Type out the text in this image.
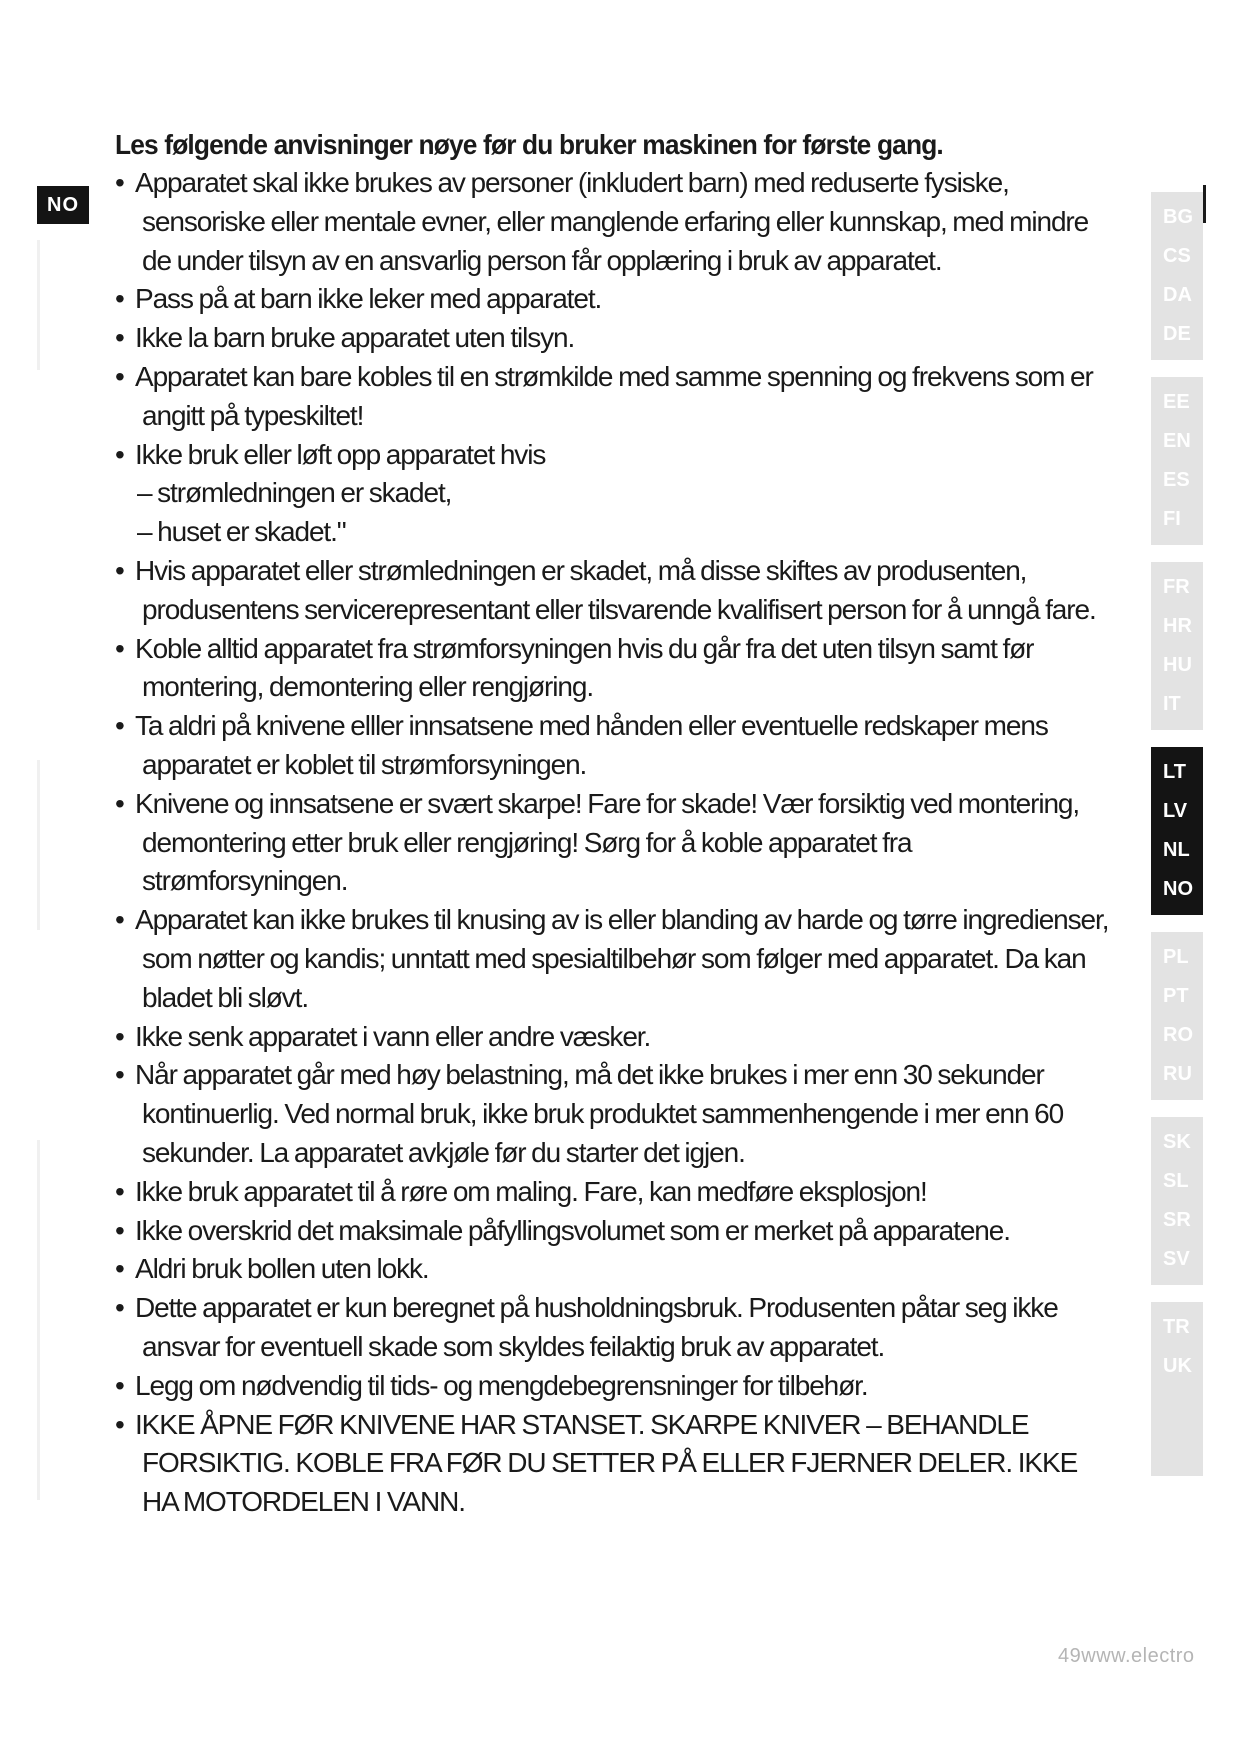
NO
Les følgende anvisninger nøye før du bruker maskinen for første gang.
• Apparatet skal ikke brukes av personer (inkludert barn) med reduserte fysiske, sensoriske eller mentale evner, eller manglende erfaring eller kunnskap, med mindre de under tilsyn av en ansvarlig person får opplæring i bruk av apparatet.
• Pass på at barn ikke leker med apparatet.
• Ikke la barn bruke apparatet uten tilsyn.
• Apparatet kan bare kobles til en strømkilde med samme spenning og frekvens som er angitt på typeskiltet!
• Ikke bruk eller løft opp apparatet hvis
– strømledningen er skadet,
– huset er skadet."
• Hvis apparatet eller strømledningen er skadet, må disse skiftes av produsenten, produsentens servicerepresentant eller tilsvarende kvalifisert person for å unngå fare.
• Koble alltid apparatet fra strømforsyningen hvis du går fra det uten tilsyn samt før montering, demontering eller rengjøring.
• Ta aldri på knivene elller innsatsene med hånden eller eventuelle redskaper mens apparatet er koblet til strømforsyningen.
• Knivene og innsatsene er svært skarpe! Fare for skade! Vær forsiktig ved montering, demontering etter bruk eller rengjøring! Sørg for å koble apparatet fra strømforsyningen.
• Apparatet kan ikke brukes til knusing av is eller blanding av harde og tørre ingredienser, som nøtter og kandis; unntatt med spesialtilbehør som følger med apparatet. Da kan bladet bli sløvt.
• Ikke senk apparatet i vann eller andre væsker.
• Når apparatet går med høy belastning, må det ikke brukes i mer enn 30 sekunder kontinuerlig. Ved normal bruk, ikke bruk produktet sammenhengende i mer enn 60 sekunder. La apparatet avkjøle før du starter det igjen.
• Ikke bruk apparatet til å røre om maling. Fare, kan medføre eksplosjon!
• Ikke overskrid det maksimale påfyllingsvolumet som er merket på apparatene.
• Aldri bruk bollen uten lokk.
• Dette apparatet er kun beregnet på husholdningsbruk. Produsenten påtar seg ikke ansvar for eventuell skade som skyldes feilaktig bruk av apparatet.
• Legg om nødvendig til tids- og mengdebegrensninger for tilbehør.
• IKKE ÅPNE FØR KNIVENE HAR STANSET. SKARPE KNIVER – BEHANDLE FORSIKTIG. KOBLE FRA FØR DU SETTER PÅ ELLER FJERNER DELER. IKKE HA MOTORDELEN I VANN.
BG
CS
DA
DE
EE
EN
ES
FI
FR
HR
HU
IT
LT
LV
NL
NO
PL
PT
RO
RU
SK
SL
SR
SV
TR
UK
49www.electro
